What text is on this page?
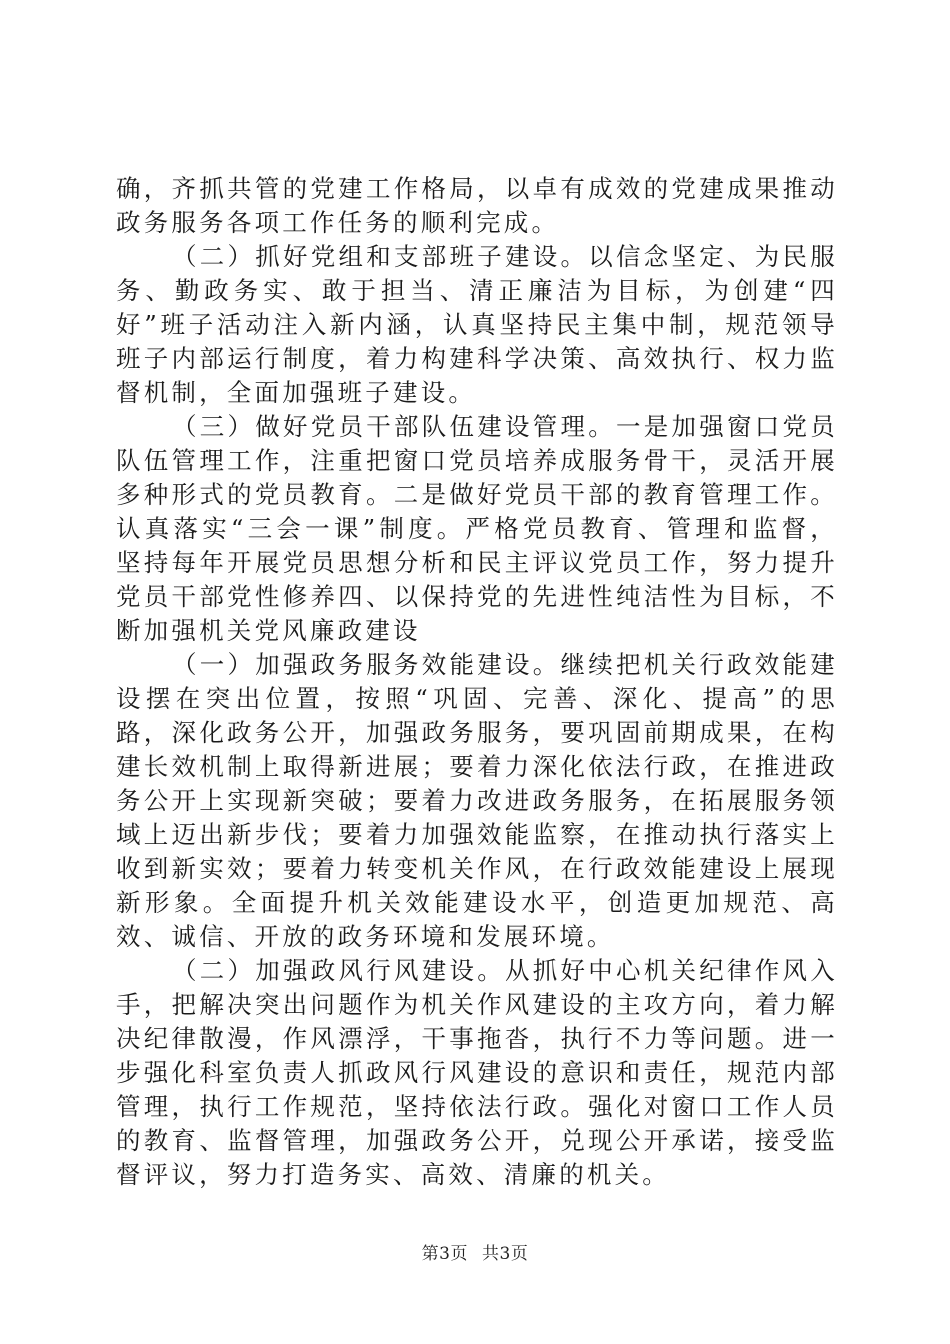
确，齐抓共管的党建工作格局，以卓有成效的党建成果推动政务服务各项工作任务的顺利完成。

（二）抓好党组和支部班子建设。以信念坚定、为民服务、勤政务实、敢于担当、清正廉洁为目标，为创建“四好”班子活动注入新内涵，认真坚持民主集中制，规范领导班子内部运行制度，着力构建科学决策、高效执行、权力监督机制，全面加强班子建设。

（三）做好党员干部队伍建设管理。一是加强窗口党员队伍管理工作，注重把窗口党员培养成服务骨干，灵活开展多种形式的党员教育。二是做好党员干部的教育管理工作。认真落实“三会一课”制度。严格党员教育、管理和监督，坚持每年开展党员思想分析和民主评议党员工作，努力提升党员干部党性修养四、以保持党的先进性纯洁性为目标，不断加强机关党风廉政建设

（一）加强政务服务效能建设。继续把机关行政效能建设摆在突出位置，按照“巩固、完善、深化、提高”的思路，深化政务公开，加强政务服务，要巩固前期成果，在构建长效机制上取得新进展；要着力深化依法行政，在推进政务公开上实现新突破；要着力改进政务服务，在拓展服务领域上迈出新步伐；要着力加强效能监察，在推动执行落实上收到新实效；要着力转变机关作风，在行政效能建设上展现新形象。全面提升机关效能建设水平，创造更加规范、高效、诚信、开放的政务环境和发展环境。

（二）加强政风行风建设。从抓好中心机关纪律作风入手，把解决突出问题作为机关作风建设的主攻方向，着力解决纪律散漫，作风漂浮，干事拖沓，执行不力等问题。进一步强化科室负责人抓政风行风建设的意识和责任，规范内部管理，执行工作规范，坚持依法行政。强化对窗口工作人员的教育、监督管理，加强政务公开，兑现公开承诺，接受监督评议，努力打造务实、高效、清廉的机关。

第3页 共3页
